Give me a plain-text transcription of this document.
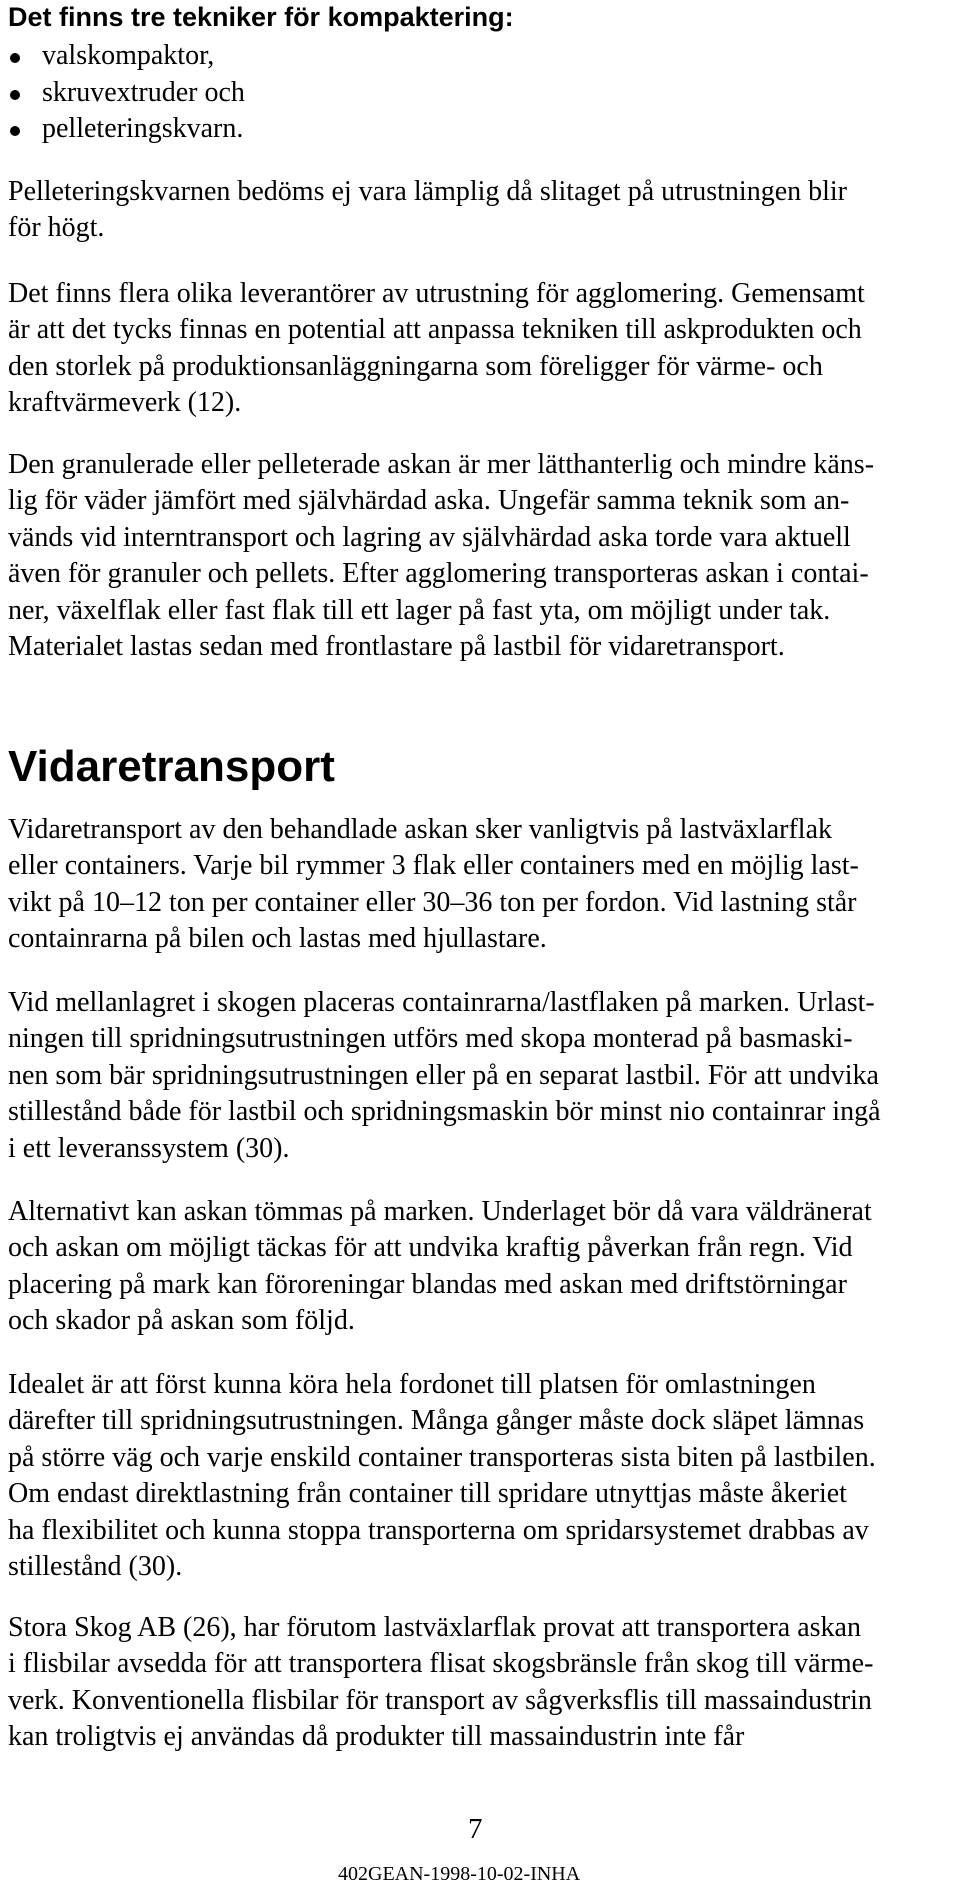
Det finns tre tekniker för kompaktering:

valskompaktor,
skruvextruder och
pelleteringskvarn.

Pelleteringskvarnen bedöms ej vara lämplig då slitaget på utrustningen blir
för högt.

Det finns flera olika leverantörer av utrustning för agglomering. Gemensamt
är att det tycks finnas en potential att anpassa tekniken till askprodukten och
den storlek på produktionsanläggningarna som föreligger för värme- och
kraftvärmeverk (12).

Den granulerade eller pelleterade askan är mer lätthanterlig och mindre käns-
lig för väder jämfört med självhärdad aska. Ungefär samma teknik som an-
vänds vid interntransport och lagring av självhärdad aska torde vara aktuell
även för granuler och pellets. Efter agglomering transporteras askan i contai-
ner, växelflak eller fast flak till ett lager på fast yta, om möjligt under tak.
Materialet lastas sedan med frontlastare på lastbil för vidaretransport.

Vidaretransport

Vidaretransport av den behandlade askan sker vanligtvis på lastväxlarflak
eller containers. Varje bil rymmer 3 flak eller containers med en möjlig last-
vikt på 10–12 ton per container eller 30–36 ton per fordon. Vid lastning står
containrarna på bilen och lastas med hjullastare.

Vid mellanlagret i skogen placeras containrarna/lastflaken på marken. Urlast-
ningen till spridningsutrustningen utförs med skopa monterad på basmaski-
nen som bär spridningsutrustningen eller på en separat lastbil. För att undvika
stillestånd både för lastbil och spridningsmaskin bör minst nio containrar ingå
i ett leveranssystem (30).

Alternativt kan askan tömmas på marken. Underlaget bör då vara väldränerat
och askan om möjligt täckas för att undvika kraftig påverkan från regn. Vid
placering på mark kan föroreningar blandas med askan med driftstörningar
och skador på askan som följd.

Idealet är att först kunna köra hela fordonet till platsen för omlastningen
därefter till spridningsutrustningen. Många gånger måste dock släpet lämnas
på större väg och varje enskild container transporteras sista biten på lastbilen.
Om endast direktlastning från container till spridare utnyttjas måste åkeriet
ha flexibilitet och kunna stoppa transporterna om spridarsystemet drabbas av
stillestånd (30).

Stora Skog AB (26), har förutom lastväxlarflak provat att transportera askan
i flisbilar avsedda för att transportera flisat skogsbränsle från skog till värme-
verk. Konventionella flisbilar för transport av sågverksflis till massaindustrin
kan troligtvis ej användas då produkter till massaindustrin inte får

7

402GEAN-1998-10-02-INHA
